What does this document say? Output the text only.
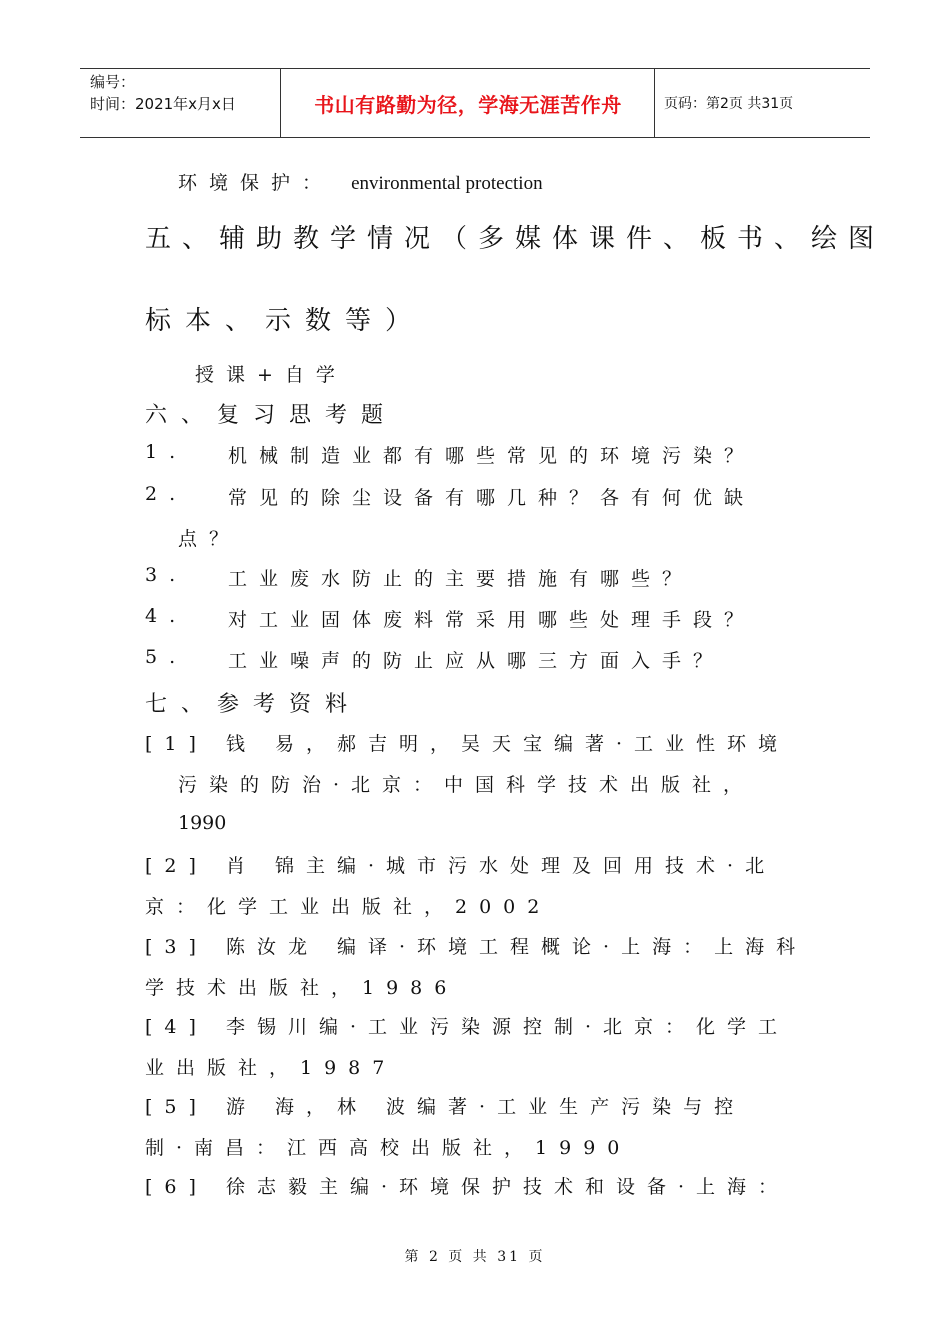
编号：
时间：2021年x月x日	书山有路勤为径，学海无涯苦作舟	页码：第2页 共31页
环境保护： environmental protection
五、辅助教学情况（多媒体课件、板书、绘图
标本、示数等）
授课+自学
六、复习思考题
1. 机械制造业都有哪些常见的环境污染？
2. 常见的除尘设备有哪几种？各有何优缺
点？
3. 工业废水防止的主要措施有哪些？
4. 对工业固体废料常采用哪些处理手段？
5. 工业噪声的防止应从哪三方面入手？
七、参考资料
[1] 钱 易，郝吉明，吴天宝编著·工业性环境
污染的防治·北京：中国科学技术出版社，
1990
[2] 肖 锦主编·城市污水处理及回用技术·北
京：化学工业出版社，2002
[3] 陈汝龙 编译·环境工程概论·上海：上海科
学技术出版社，1986
[4] 李锡川编·工业污染源控制·北京：化学工
业出版社，1987
[5] 游 海，林 波编著·工业生产污染与控
制·南昌：江西高校出版社，1990
[6] 徐志毅主编·环境保护技术和设备·上海：
第 2 页 共 31 页
